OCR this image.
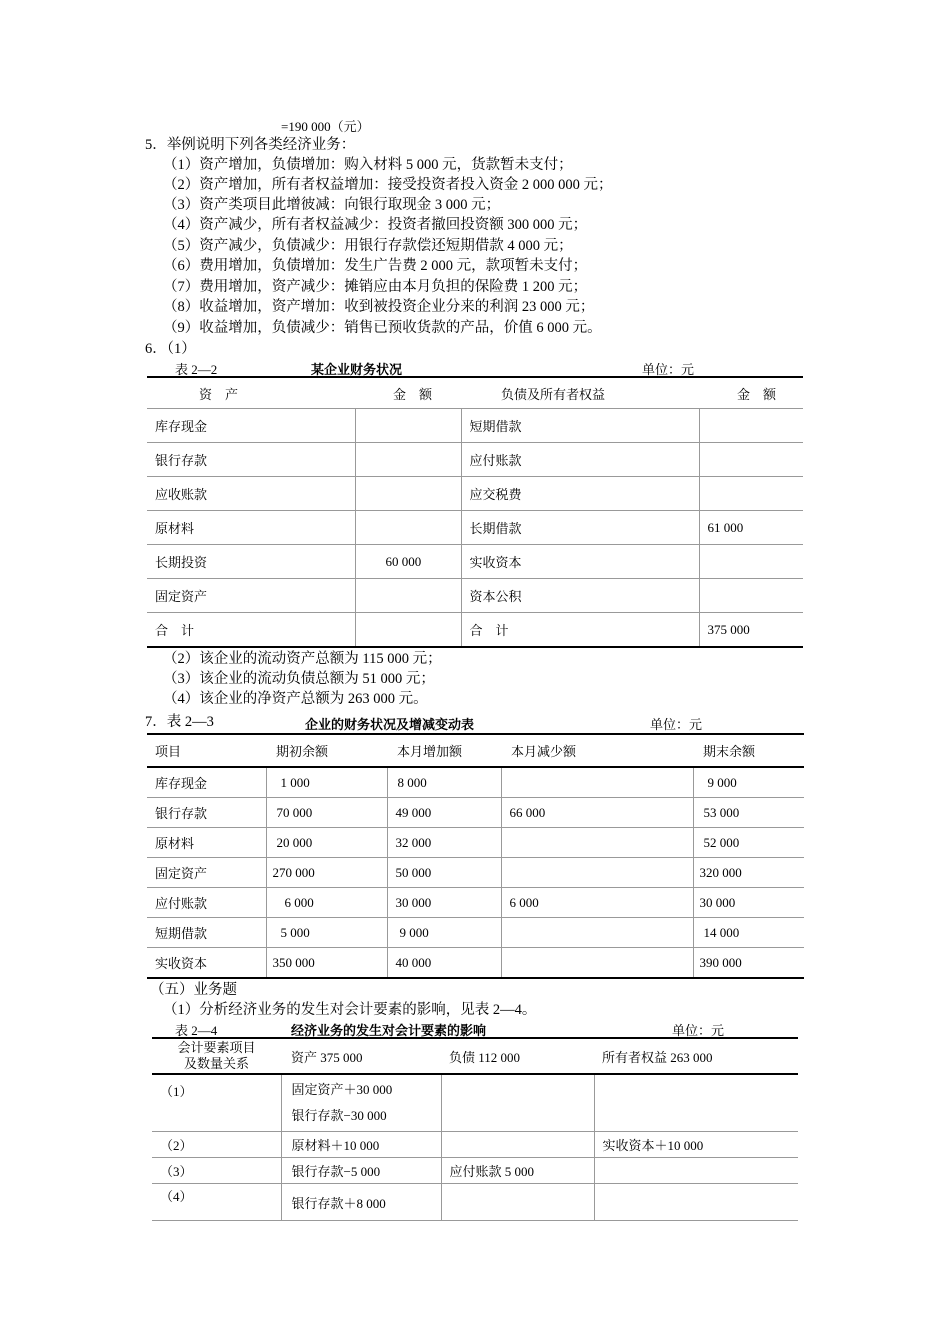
=190 000（元）
5．举例说明下列各类经济业务：
（1）资产增加，负债增加：购入材料 5 000 元，货款暂未支付；
（2）资产增加，所有者权益增加：接受投资者投入资金 2 000 000 元；
（3）资产类项目此增彼减：向银行取现金 3 000 元；
（4）资产减少，所有者权益减少：投资者撤回投资额 300 000 元；
（5）资产减少，负债减少：用银行存款偿还短期借款 4 000 元；
（6）费用增加，负债增加：发生广告费 2 000 元，款项暂未支付；
（7）费用增加，资产减少：摊销应由本月负担的保险费 1 200 元；
（8）收益增加，资产增加：收到被投资企业分来的利润 23 000 元；
（9）收益增加，负债减少：销售已预收货款的产品，价值 6 000 元。
6．（1）
表 2—2	某企业财务状况	单位：元
资　产	金　额	负债及所有者权益	金　额
库存现金		短期借款	
银行存款		应付账款	
应收账款		应交税费	
原材料		长期借款	61 000
长期投资	60 000	实收资本	
固定资产		资本公积	
合　计		合　计	375 000
（2）该企业的流动资产总额为 115 000 元；
（3）该企业的流动负债总额为 51 000 元；
（4）该企业的净资产总额为 263 000 元。
7．表 2—3	企业的财务状况及增减变动表	单位：元
项目	期初余额	本月增加额	本月减少额	期末余额
库存现金	1 000	8 000		9 000
银行存款	70 000	49 000	66 000	53 000
原材料	20 000	32 000		52 000
固定资产	270 000	50 000		320 000
应付账款	6 000	30 000	6 000	30 000
短期借款	5 000	9 000		14 000
实收资本	350 000	40 000		390 000
（五）业务题
（1）分析经济业务的发生对会计要素的影响，见表 2—4。
表 2—4	经济业务的发生对会计要素的影响	单位：元
会计要素项目
及数量关系	资产 375 000	负债 112 000	所有者权益 263 000
（1）	固定资产＋30 000
银行存款−30 000		

（2）	原材料＋10 000		实收资本＋10 000
（3）	银行存款−5 000	应付账款 5 000	
（4）	银行存款＋8 000		
